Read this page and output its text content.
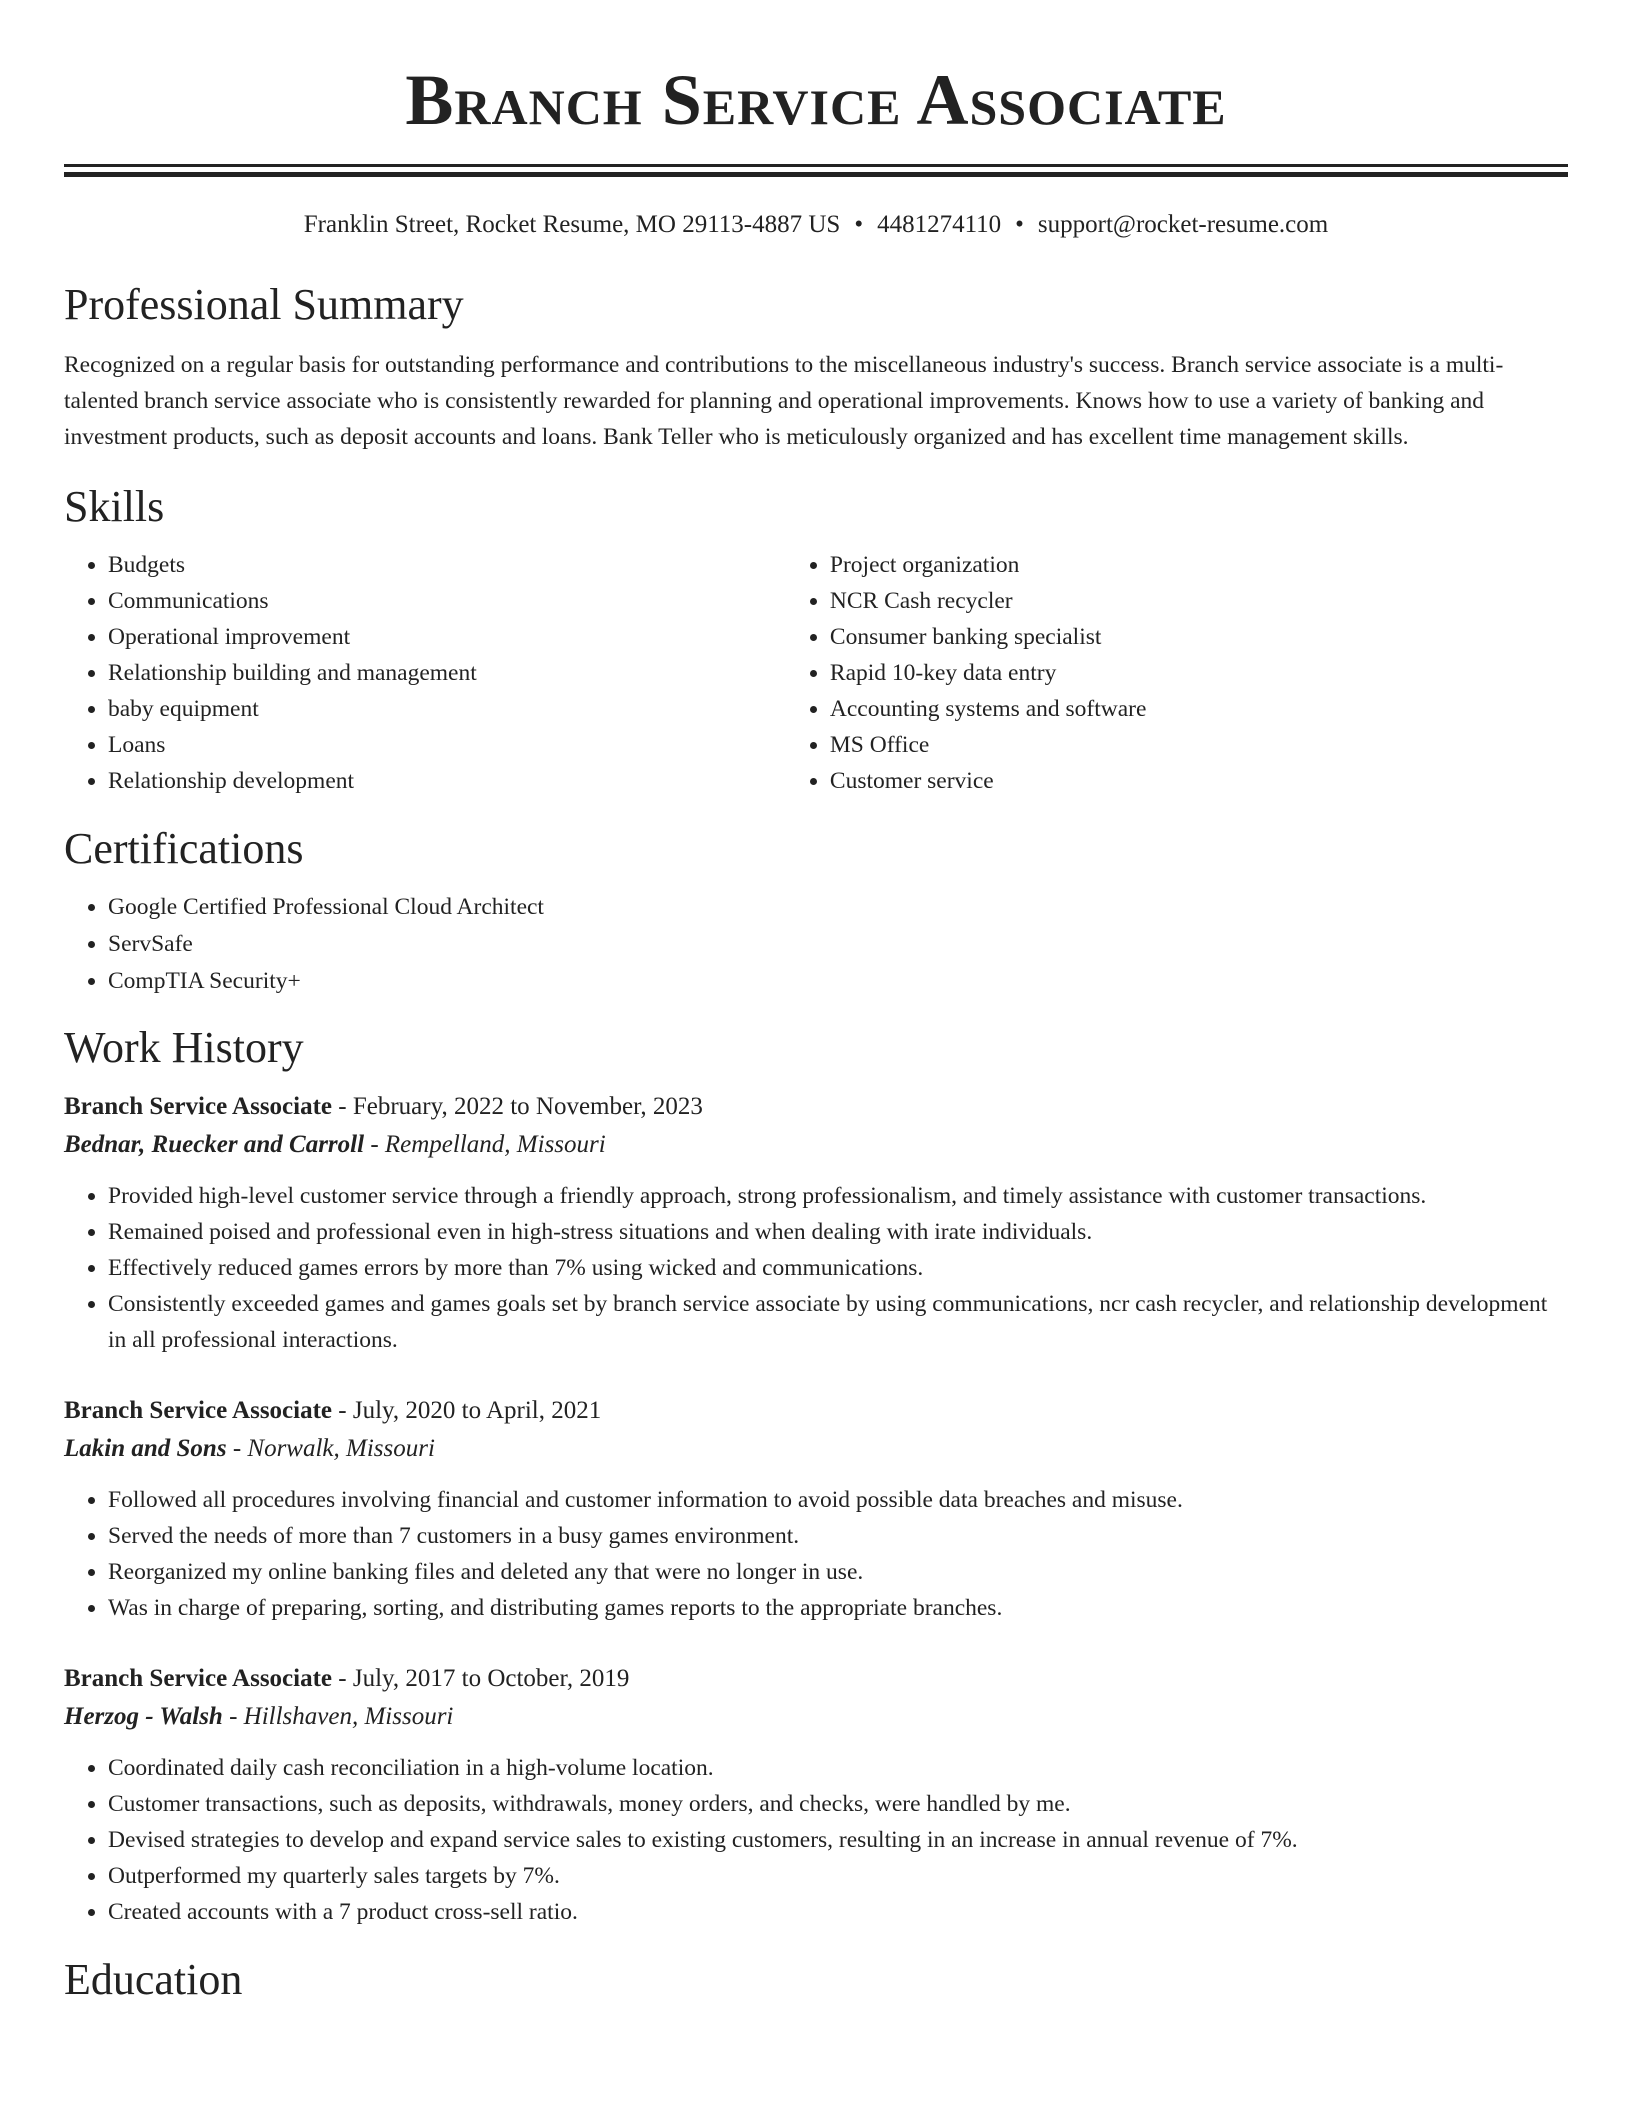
Branch Service Associate
Franklin Street, Rocket Resume, MO 29113-4887 US • 4481274110 • support@rocket-resume.com
Professional Summary

Recognized on a regular basis for outstanding performance and contributions to the miscellaneous industry's success. Branch service associate is a multi-talented branch service associate who is consistently rewarded for planning and operational improvements. Knows how to use a variety of banking and investment products, such as deposit accounts and loans. Bank Teller who is meticulously organized and has excellent time management skills.

Skills
• Budgets
• Communications
• Operational improvement
• Relationship building and management
• baby equipment
• Loans
• Relationship development
• Project organization
• NCR Cash recycler
• Consumer banking specialist
• Rapid 10-key data entry
• Accounting systems and software
• MS Office
• Customer service
Certifications
• Google Certified Professional Cloud Architect
• ServSafe
• CompTIA Security+
Work History
Branch Service Associate - February, 2022 to November, 2023
Bednar, Ruecker and Carroll - Rempelland, Missouri
• Provided high-level customer service through a friendly approach, strong professionalism, and timely assistance with customer transactions.
• Remained poised and professional even in high-stress situations and when dealing with irate individuals.
• Effectively reduced games errors by more than 7% using wicked and communications.
• Consistently exceeded games and games goals set by branch service associate by using communications, ncr cash recycler, and relationship development in all professional interactions.
Branch Service Associate - July, 2020 to April, 2021
Lakin and Sons - Norwalk, Missouri
• Followed all procedures involving financial and customer information to avoid possible data breaches and misuse.
• Served the needs of more than 7 customers in a busy games environment.
• Reorganized my online banking files and deleted any that were no longer in use.
• Was in charge of preparing, sorting, and distributing games reports to the appropriate branches.
Branch Service Associate - July, 2017 to October, 2019
Herzog - Walsh - Hillshaven, Missouri
• Coordinated daily cash reconciliation in a high-volume location.
• Customer transactions, such as deposits, withdrawals, money orders, and checks, were handled by me.
• Devised strategies to develop and expand service sales to existing customers, resulting in an increase in annual revenue of 7%.
• Outperformed my quarterly sales targets by 7%.
• Created accounts with a 7 product cross-sell ratio.
Education
